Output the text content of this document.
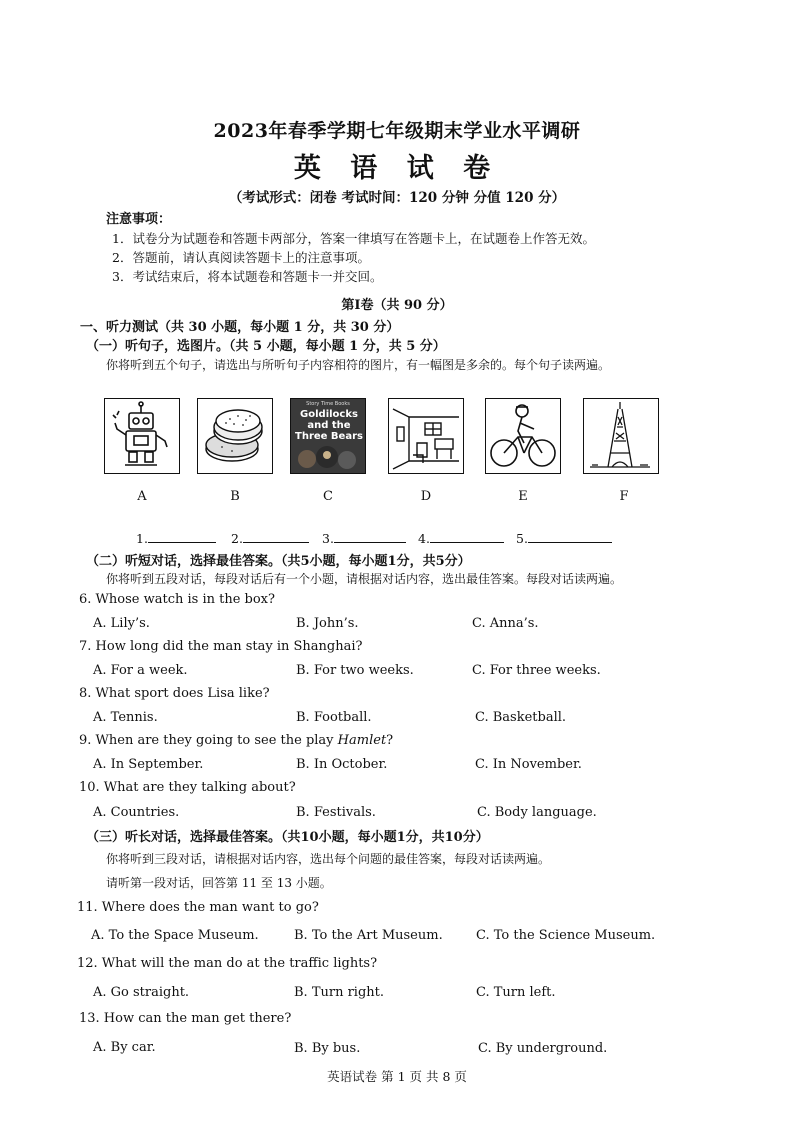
2023年春季学期七年级期末学业水平调研
英 语 试 卷
（考试形式：闭卷 考试时间：120 分钟 分值 120 分）
注意事项：
1．试卷分为试题卷和答题卡两部分，答案一律填写在答题卡上，在试题卷上作答无效。
2．答题前，请认真阅读答题卡上的注意事项。
3．考试结束后，将本试题卷和答题卡一并交回。
第Ⅰ卷（共 90 分）
一、听力测试（共 30 小题，每小题 1 分，共 30 分）
（一）听句子，选图片。（共 5 小题，每小题 1 分，共 5 分）
你将听到五个句子，请选出与所听句子内容相符的图片，有一幅图是多余的。每个句子读两遍。
Story Time Books
Goldilocks and the Three Bears
A	B	C	D	E	F
1.	2.	3.	4.	5.
（二）听短对话，选择最佳答案。（共5小题，每小题1分，共5分）
你将听到五段对话，每段对话后有一个小题，请根据对话内容，选出最佳答案。每段对话读两遍。
6. Whose watch is in the box?
A. Lily’s.	B. John’s.	C. Anna’s.
7. How long did the man stay in Shanghai?
A. For a week.	B. For two weeks.	C. For three weeks.
8. What sport does Lisa like?
A. Tennis.	B. Football.	C. Basketball.
9. When are they going to see the play Hamlet?
A. In September.	B. In October.	C. In November.
10. What are they talking about?
A. Countries.	B. Festivals.	C. Body language.
（三）听长对话，选择最佳答案。（共10小题，每小题1分，共10分）
你将听到三段对话，请根据对话内容，选出每个问题的最佳答案，每段对话读两遍。
请听第一段对话，回答第 11 至 13 小题。
11. Where does the man want to go?
A. To the Space Museum.	B. To the Art Museum.	C. To the Science Museum.
12. What will the man do at the traffic lights?
A. Go straight.	B. Turn right.	C. Turn left.
13. How can the man get there?
A. By car.	B. By bus.	C. By underground.
英语试卷 第 1 页 共 8 页
